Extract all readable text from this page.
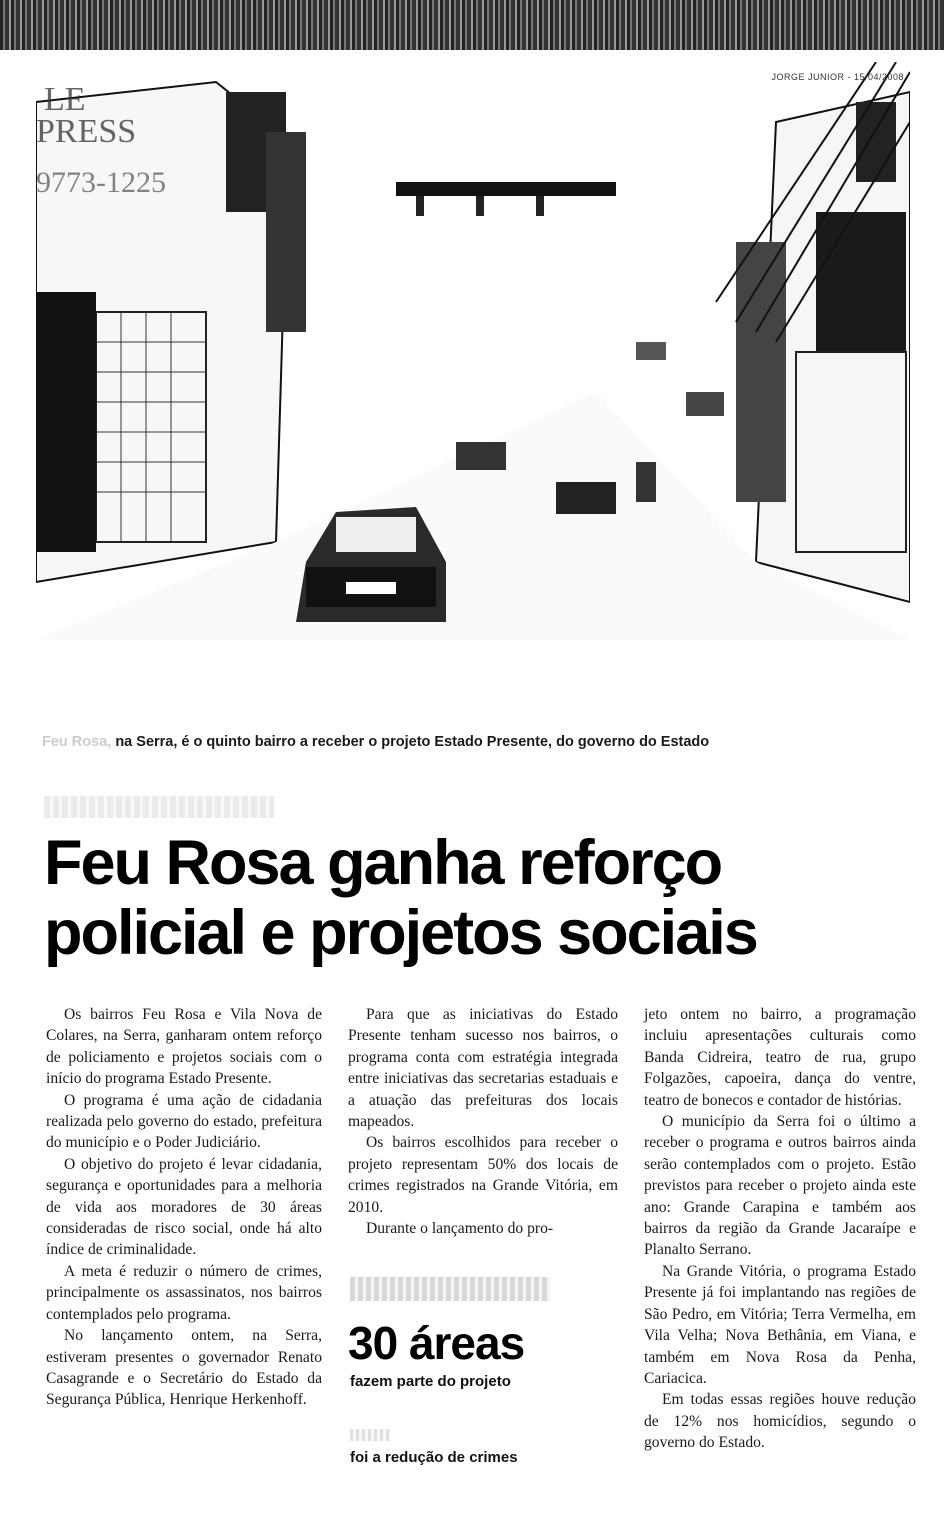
LE
PRESS
9773-1225
JORGE JUNIOR - 15/04/2008
Feu Rosa, na Serra, é o quinto bairro a receber o projeto Estado Presente, do governo do Estado
Feu Rosa ganha reforço
policial e projetos sociais

Os bairros Feu Rosa e Vila Nova de Colares, na Serra, ganharam ontem reforço de policiamento e projetos sociais com o início do programa Estado Presente.

O programa é uma ação de cidadania realizada pelo governo do estado, prefeitura do município e o Poder Judiciário.

O objetivo do projeto é levar cidadania, segurança e oportunidades para a melhoria de vida aos moradores de 30 áreas consideradas de risco social, onde há alto índice de criminalidade.

A meta é reduzir o número de crimes, principalmente os assassinatos, nos bairros contemplados pelo programa.

No lançamento ontem, na Serra, estiveram presentes o governador Renato Casagrande e o Secretário do Estado da Segurança Pública, Henrique Herkenhoff.

Para que as iniciativas do Estado Presente tenham sucesso nos bairros, o programa conta com estratégia integrada entre iniciativas das secretarias estaduais e a atuação das prefeituras dos locais mapeados.

Os bairros escolhidos para receber o projeto representam 50% dos locais de crimes registrados na Grande Vitória, em 2010.

Durante o lançamento do pro-

jeto ontem no bairro, a programação incluiu apresentações culturais como Banda Cidreira, teatro de rua, grupo Folgazões, capoeira, dança do ventre, teatro de bonecos e contador de histórias.

O município da Serra foi o último a receber o programa e outros bairros ainda serão contemplados com o projeto. Estão previstos para receber o projeto ainda este ano: Grande Carapina e também aos bairros da região da Grande Jacaraípe e Planalto Serrano.

Na Grande Vitória, o programa Estado Presente já foi implantando nas regiões de São Pedro, em Vitória; Terra Vermelha, em Vila Velha; Nova Bethânia, em Viana, e também em Nova Rosa da Penha, Cariacica.

Em todas essas regiões houve redução de 12% nos homicídios, segundo o governo do Estado.

30 áreas
fazem parte do projeto
foi a redução de crimes
